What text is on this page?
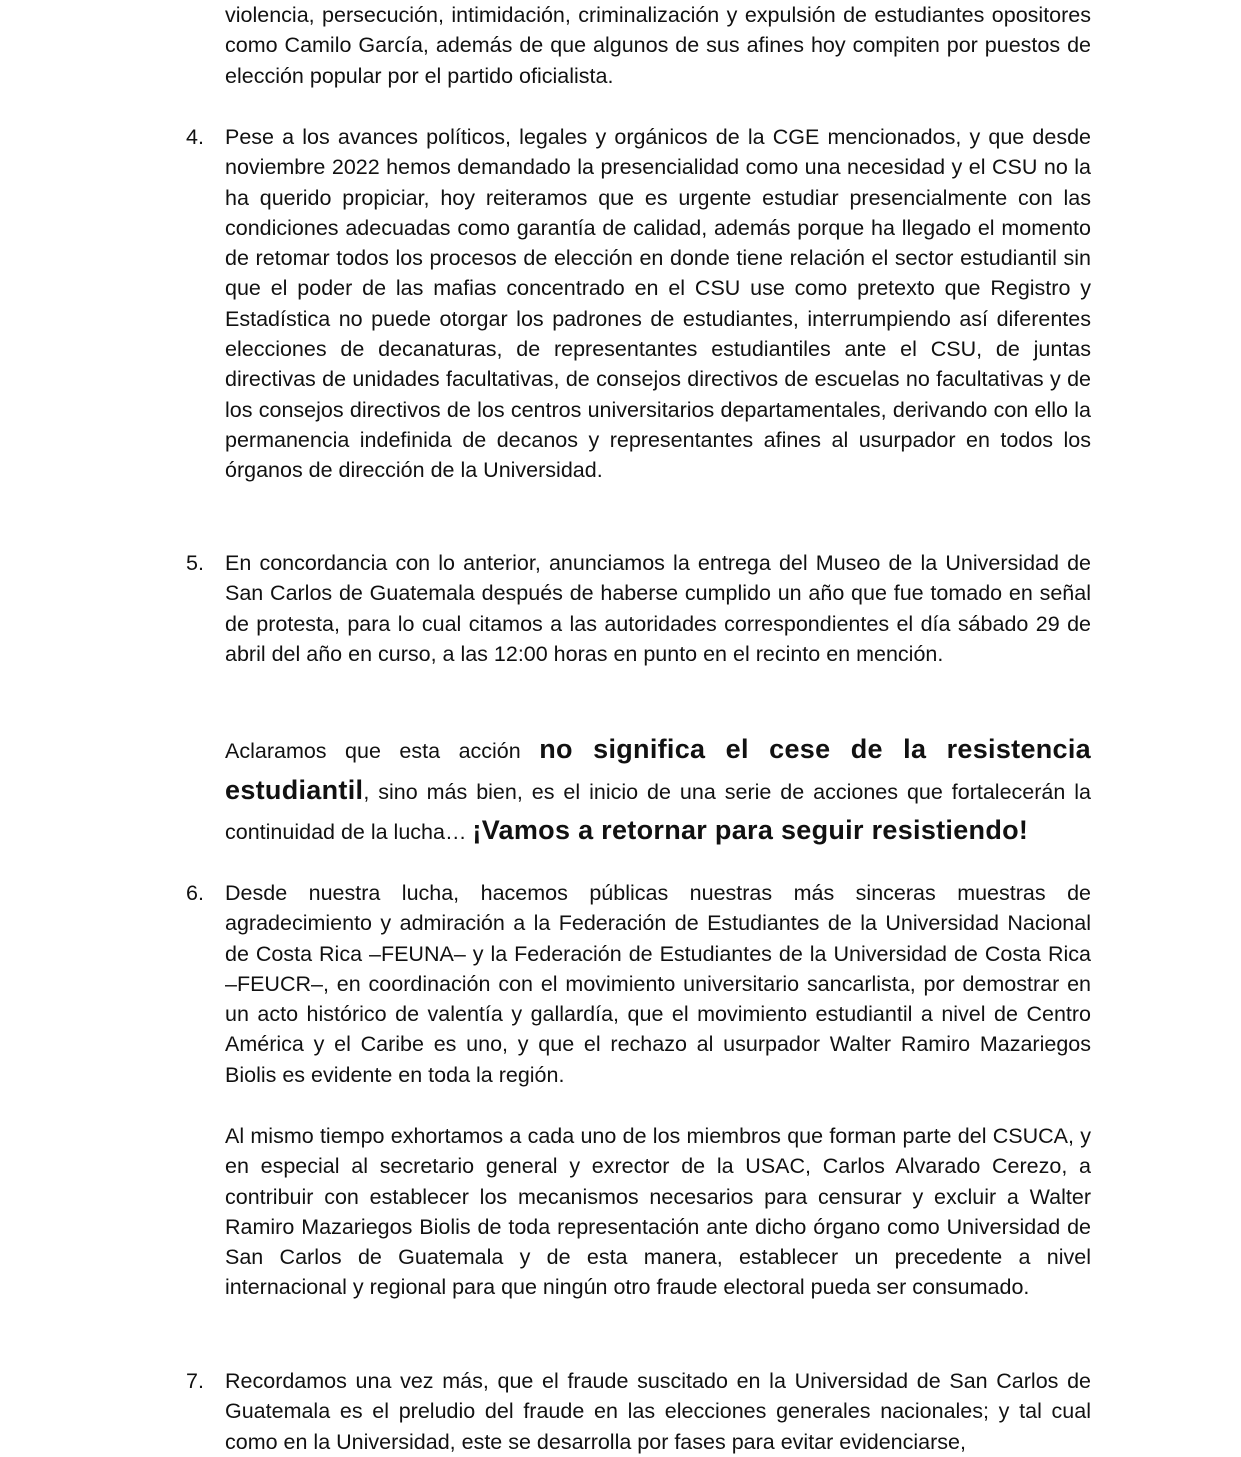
violencia, persecución, intimidación, criminalización y expulsión de estudiantes opositores como Camilo García, además de que algunos de sus afines hoy compiten por puestos de elección popular por el partido oficialista.
4. Pese a los avances políticos, legales y orgánicos de la CGE mencionados, y que desde noviembre 2022 hemos demandado la presencialidad como una necesidad y el CSU no la ha querido propiciar, hoy reiteramos que es urgente estudiar presencialmente con las condiciones adecuadas como garantía de calidad, además porque ha llegado el momento de retomar todos los procesos de elección en donde tiene relación el sector estudiantil sin que el poder de las mafias concentrado en el CSU use como pretexto que Registro y Estadística no puede otorgar los padrones de estudiantes, interrumpiendo así diferentes elecciones de decanaturas, de representantes estudiantiles ante el CSU, de juntas directivas de unidades facultativas, de consejos directivos de escuelas no facultativas y de los consejos directivos de los centros universitarios departamentales, derivando con ello la permanencia indefinida de decanos y representantes afines al usurpador en todos los órganos de dirección de la Universidad.
5. En concordancia con lo anterior, anunciamos la entrega del Museo de la Universidad de San Carlos de Guatemala después de haberse cumplido un año que fue tomado en señal de protesta, para lo cual citamos a las autoridades correspondientes el día sábado 29 de abril del año en curso, a las 12:00 horas en punto en el recinto en mención.
Aclaramos que esta acción no significa el cese de la resistencia estudiantil, sino más bien, es el inicio de una serie de acciones que fortalecerán la continuidad de la lucha… ¡Vamos a retornar para seguir resistiendo!
6. Desde nuestra lucha, hacemos públicas nuestras más sinceras muestras de agradecimiento y admiración a la Federación de Estudiantes de la Universidad Nacional de Costa Rica –FEUNA– y la Federación de Estudiantes de la Universidad de Costa Rica –FEUCR–, en coordinación con el movimiento universitario sancarlista, por demostrar en un acto histórico de valentía y gallardía, que el movimiento estudiantil a nivel de Centro América y el Caribe es uno, y que el rechazo al usurpador Walter Ramiro Mazariegos Biolis es evidente en toda la región.
Al mismo tiempo exhortamos a cada uno de los miembros que forman parte del CSUCA, y en especial al secretario general y exrector de la USAC, Carlos Alvarado Cerezo, a contribuir con establecer los mecanismos necesarios para censurar y excluir a Walter Ramiro Mazariegos Biolis de toda representación ante dicho órgano como Universidad de San Carlos de Guatemala y de esta manera, establecer un precedente a nivel internacional y regional para que ningún otro fraude electoral pueda ser consumado.
7. Recordamos una vez más, que el fraude suscitado en la Universidad de San Carlos de Guatemala es el preludio del fraude en las elecciones generales nacionales; y tal cual como en la Universidad, este se desarrolla por fases para evitar evidenciarse,
